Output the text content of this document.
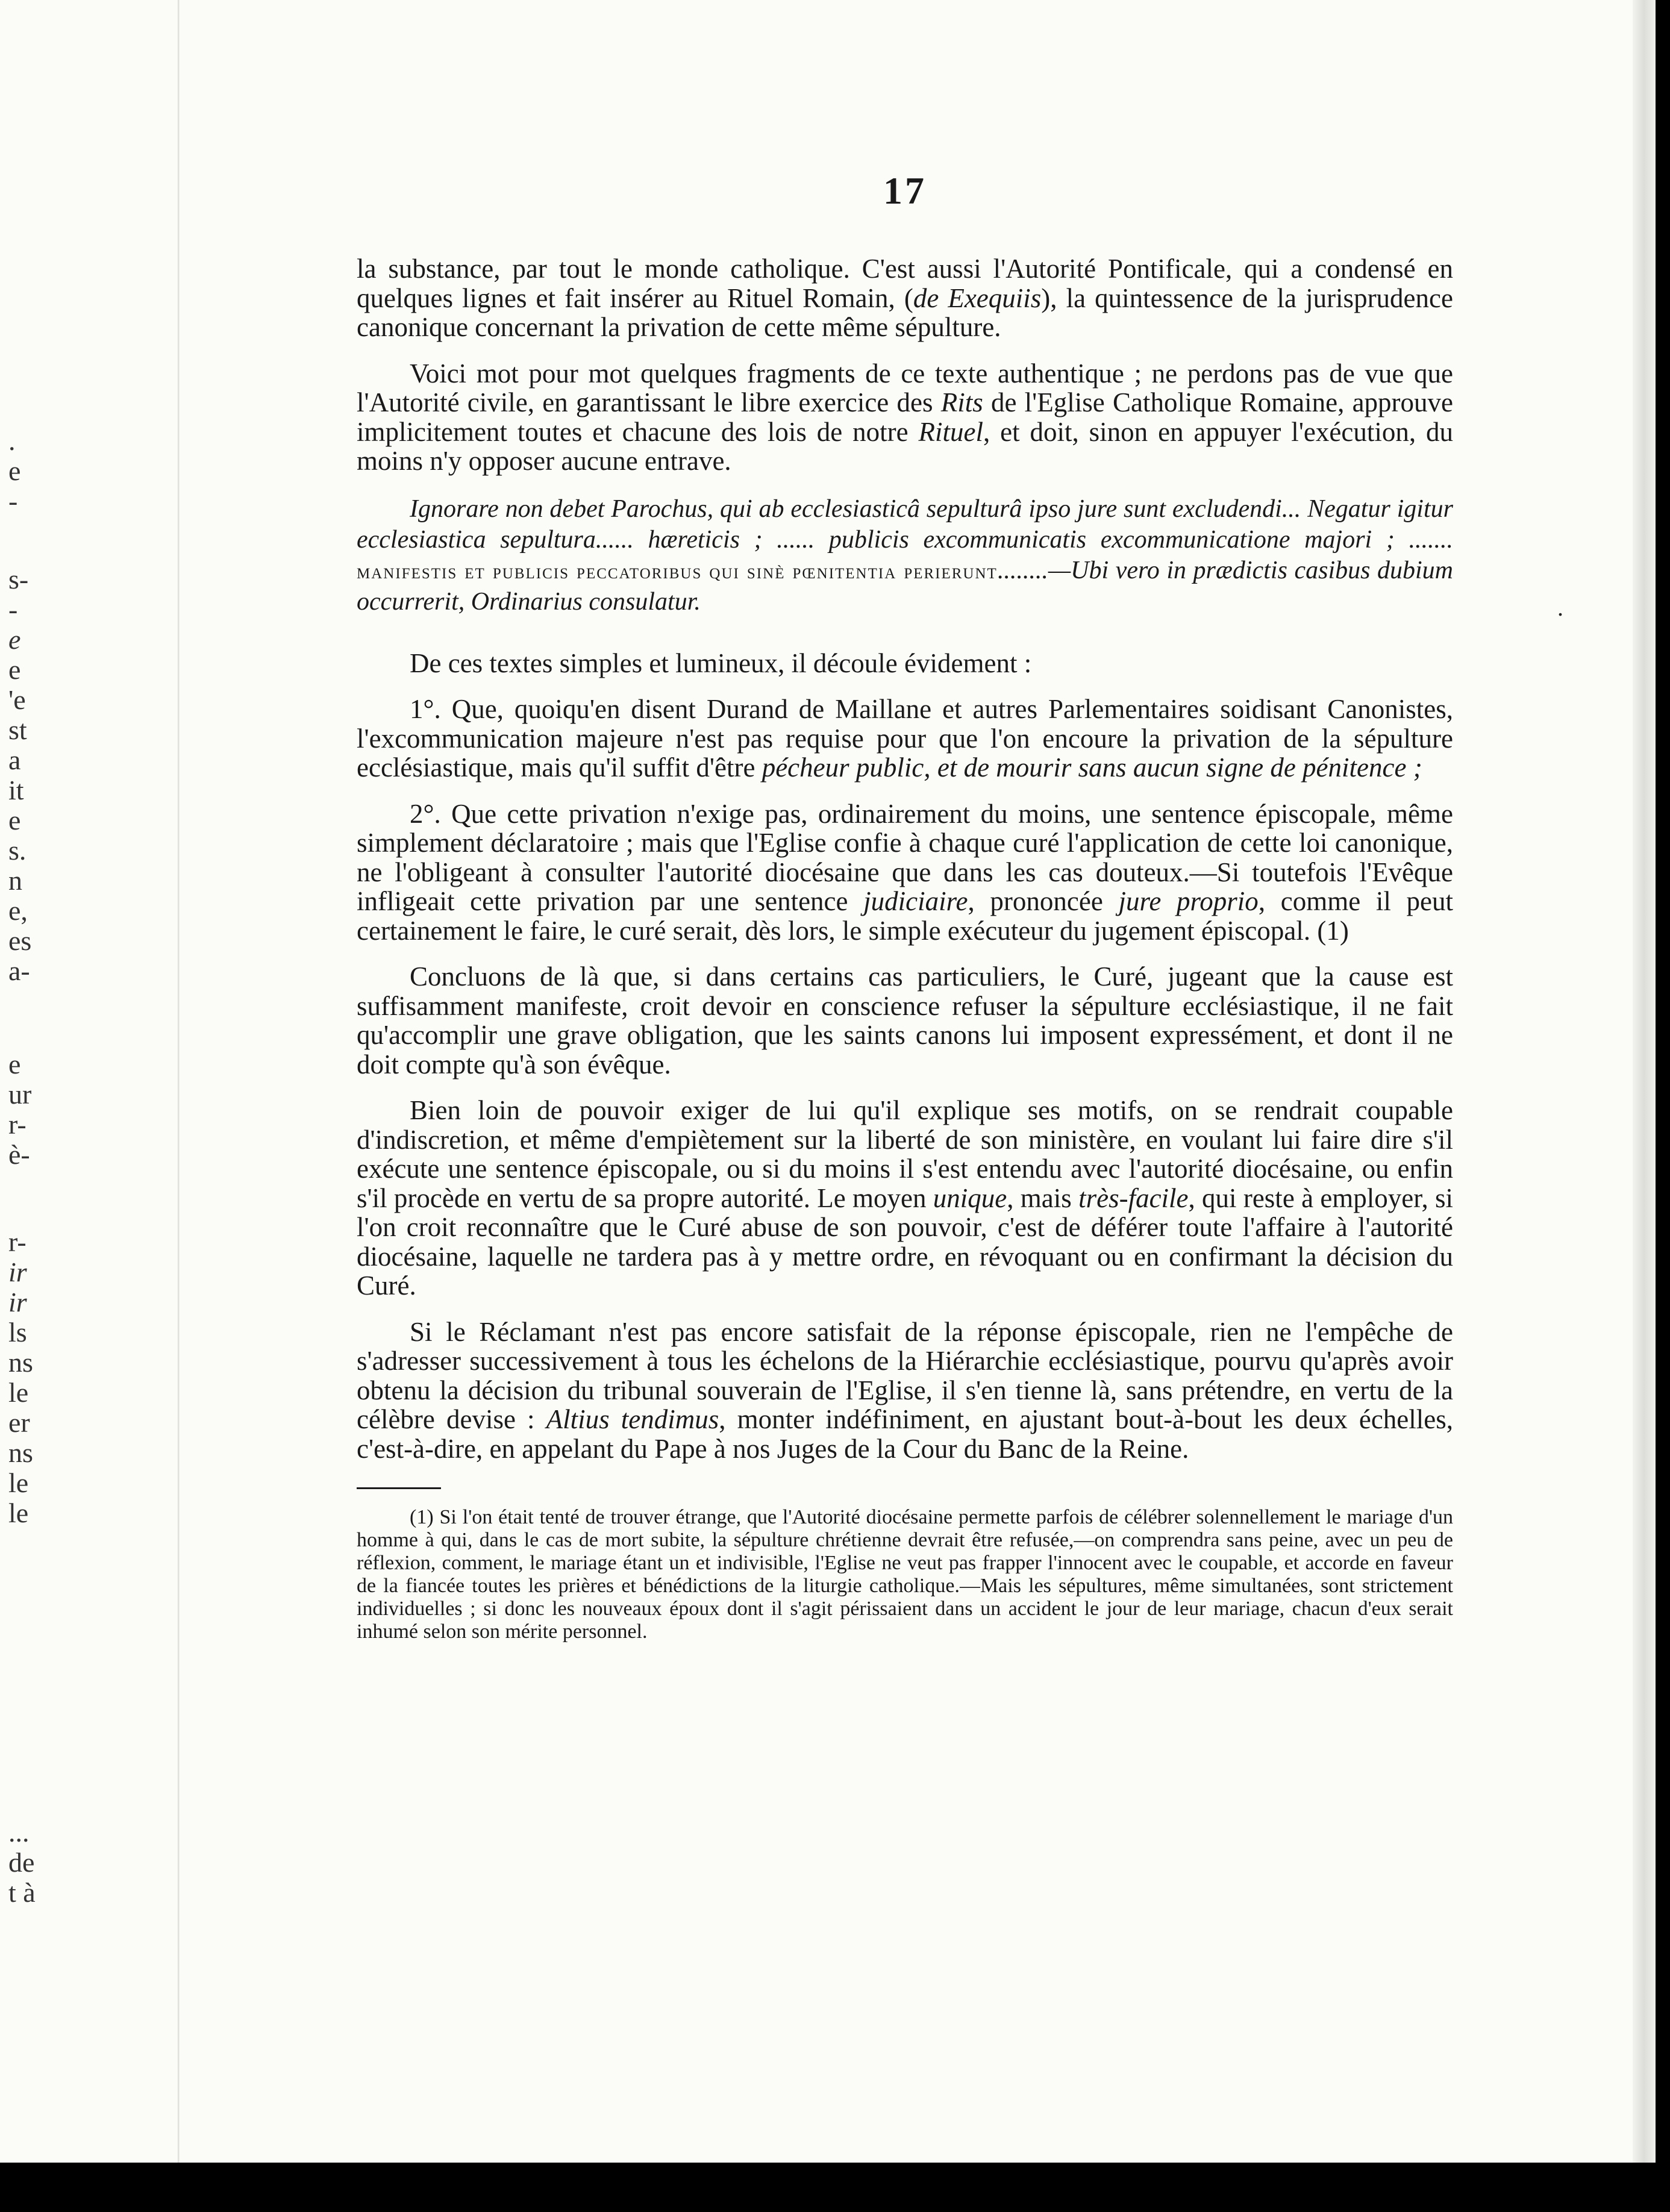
.
e
-
s-
-
e
e
'e
st
a
it
e
s.
n
e,
es
a-
e
ur
r-
è-
r-
ir
ir
ls
ns
le
er
ns
le
le
...
de
t à
.
17

la substance, par tout le monde catholique. C'est aussi l'Autorité Pontificale, qui a condensé en quelques lignes et fait insérer au Rituel Romain, (de Exequiis), la quintessence de la jurisprudence canonique concernant la privation de cette même sépulture.

Voici mot pour mot quelques fragments de ce texte authentique ; ne perdons pas de vue que l'Autorité civile, en garantissant le libre exercice des Rits de l'Eglise Catholique Romaine, approuve implicitement toutes et chacune des lois de notre Rituel, et doit, sinon en appuyer l'exécution, du moins n'y opposer aucune entrave.

Ignorare non debet Parochus, qui ab ecclesiasticâ sepulturâ ipso jure sunt excludendi... Negatur igitur ecclesiastica sepultura...... hæreticis ; ...... publicis excommunicatis excommunicatione majori ; ....... manifestis et publicis peccatoribus qui sinè pœnitentia perierunt........—Ubi vero in prædictis casibus dubium occurrerit, Ordinarius consulatur.

De ces textes simples et lumineux, il découle évidement :

1°. Que, quoiqu'en disent Durand de Maillane et autres Parlementaires soidisant Canonistes, l'excommunication majeure n'est pas requise pour que l'on encoure la privation de la sépulture ecclésiastique, mais qu'il suffit d'être pécheur public, et de mourir sans aucun signe de pénitence ;

2°. Que cette privation n'exige pas, ordinairement du moins, une sentence épiscopale, même simplement déclaratoire ; mais que l'Eglise confie à chaque curé l'application de cette loi canonique, ne l'obligeant à consulter l'autorité diocésaine que dans les cas douteux.—Si toutefois l'Evêque infligeait cette privation par une sentence judiciaire, prononcée jure proprio, comme il peut certainement le faire, le curé serait, dès lors, le simple exécuteur du jugement épiscopal. (1)

Concluons de là que, si dans certains cas particuliers, le Curé, jugeant que la cause est suffisamment manifeste, croit devoir en conscience refuser la sépulture ecclésiastique, il ne fait qu'accomplir une grave obligation, que les saints canons lui imposent expressément, et dont il ne doit compte qu'à son évêque.

Bien loin de pouvoir exiger de lui qu'il explique ses motifs, on se rendrait coupable d'indiscretion, et même d'empiètement sur la liberté de son ministère, en voulant lui faire dire s'il exécute une sentence épiscopale, ou si du moins il s'est entendu avec l'autorité diocésaine, ou enfin s'il procède en vertu de sa propre autorité. Le moyen unique, mais très-facile, qui reste à employer, si l'on croit reconnaître que le Curé abuse de son pouvoir, c'est de déférer toute l'affaire à l'autorité diocésaine, laquelle ne tardera pas à y mettre ordre, en révoquant ou en confirmant la décision du Curé.

Si le Réclamant n'est pas encore satisfait de la réponse épiscopale, rien ne l'empêche de s'adresser successivement à tous les échelons de la Hiérarchie ecclésiastique, pourvu qu'après avoir obtenu la décision du tribunal souverain de l'Eglise, il s'en tienne là, sans prétendre, en vertu de la célèbre devise : Altius tendimus, monter indéfiniment, en ajustant bout-à-bout les deux échelles, c'est-à-dire, en appelant du Pape à nos Juges de la Cour du Banc de la Reine.

(1) Si l'on était tenté de trouver étrange, que l'Autorité diocésaine permette parfois de célébrer solennellement le mariage d'un homme à qui, dans le cas de mort subite, la sépulture chrétienne devrait être refusée,—on comprendra sans peine, avec un peu de réflexion, comment, le mariage étant un et indivisible, l'Eglise ne veut pas frapper l'innocent avec le coupable, et accorde en faveur de la fiancée toutes les prières et bénédictions de la liturgie catholique.—Mais les sépultures, même simultanées, sont strictement individuelles ; si donc les nouveaux époux dont il s'agit périssaient dans un accident le jour de leur mariage, chacun d'eux serait inhumé selon son mérite personnel.
